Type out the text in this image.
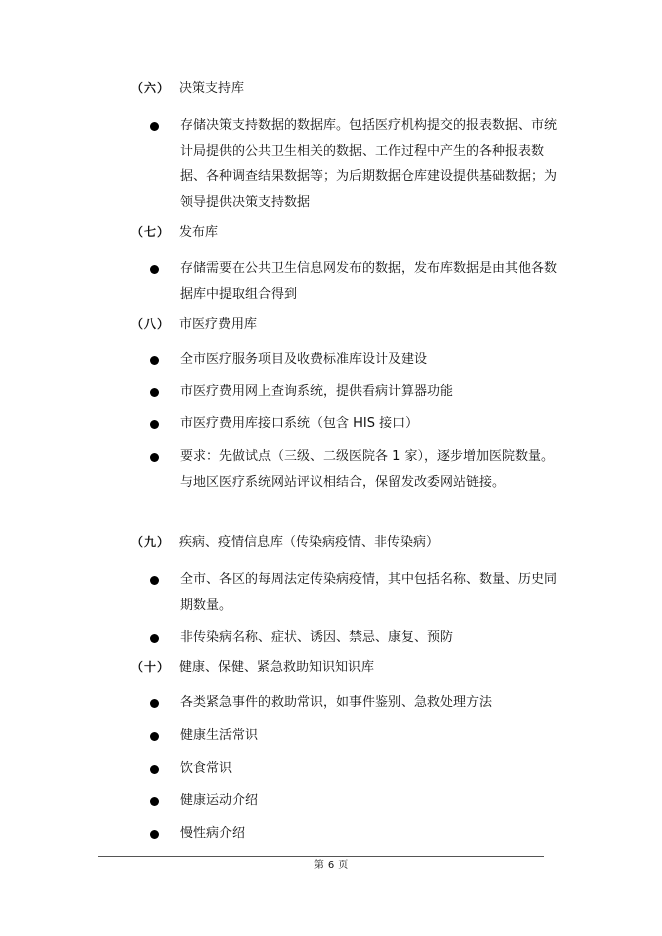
（六） 决策支持库
存储决策支持数据的数据库。包括医疗机构提交的报表数据、市统计局提供的公共卫生相关的数据、工作过程中产生的各种报表数据、各种调查结果数据等；为后期数据仓库建设提供基础数据；为领导提供决策支持数据
（七） 发布库
存储需要在公共卫生信息网发布的数据，发布库数据是由其他各数据库中提取组合得到
（八） 市医疗费用库
全市医疗服务项目及收费标准库设计及建设
市医疗费用网上查询系统，提供看病计算器功能
市医疗费用库接口系统（包含 HIS 接口）
要求：先做试点（三级、二级医院各 1 家），逐步增加医院数量。与地区医疗系统网站评议相结合，保留发改委网站链接。
（九） 疾病、疫情信息库（传染病疫情、非传染病）
全市、各区的每周法定传染病疫情，其中包括名称、数量、历史同期数量。
非传染病名称、症状、诱因、禁忌、康复、预防
（十） 健康、保健、紧急救助知识知识库
各类紧急事件的救助常识，如事件鉴别、急救处理方法
健康生活常识
饮食常识
健康运动介绍
慢性病介绍
第 6 页
